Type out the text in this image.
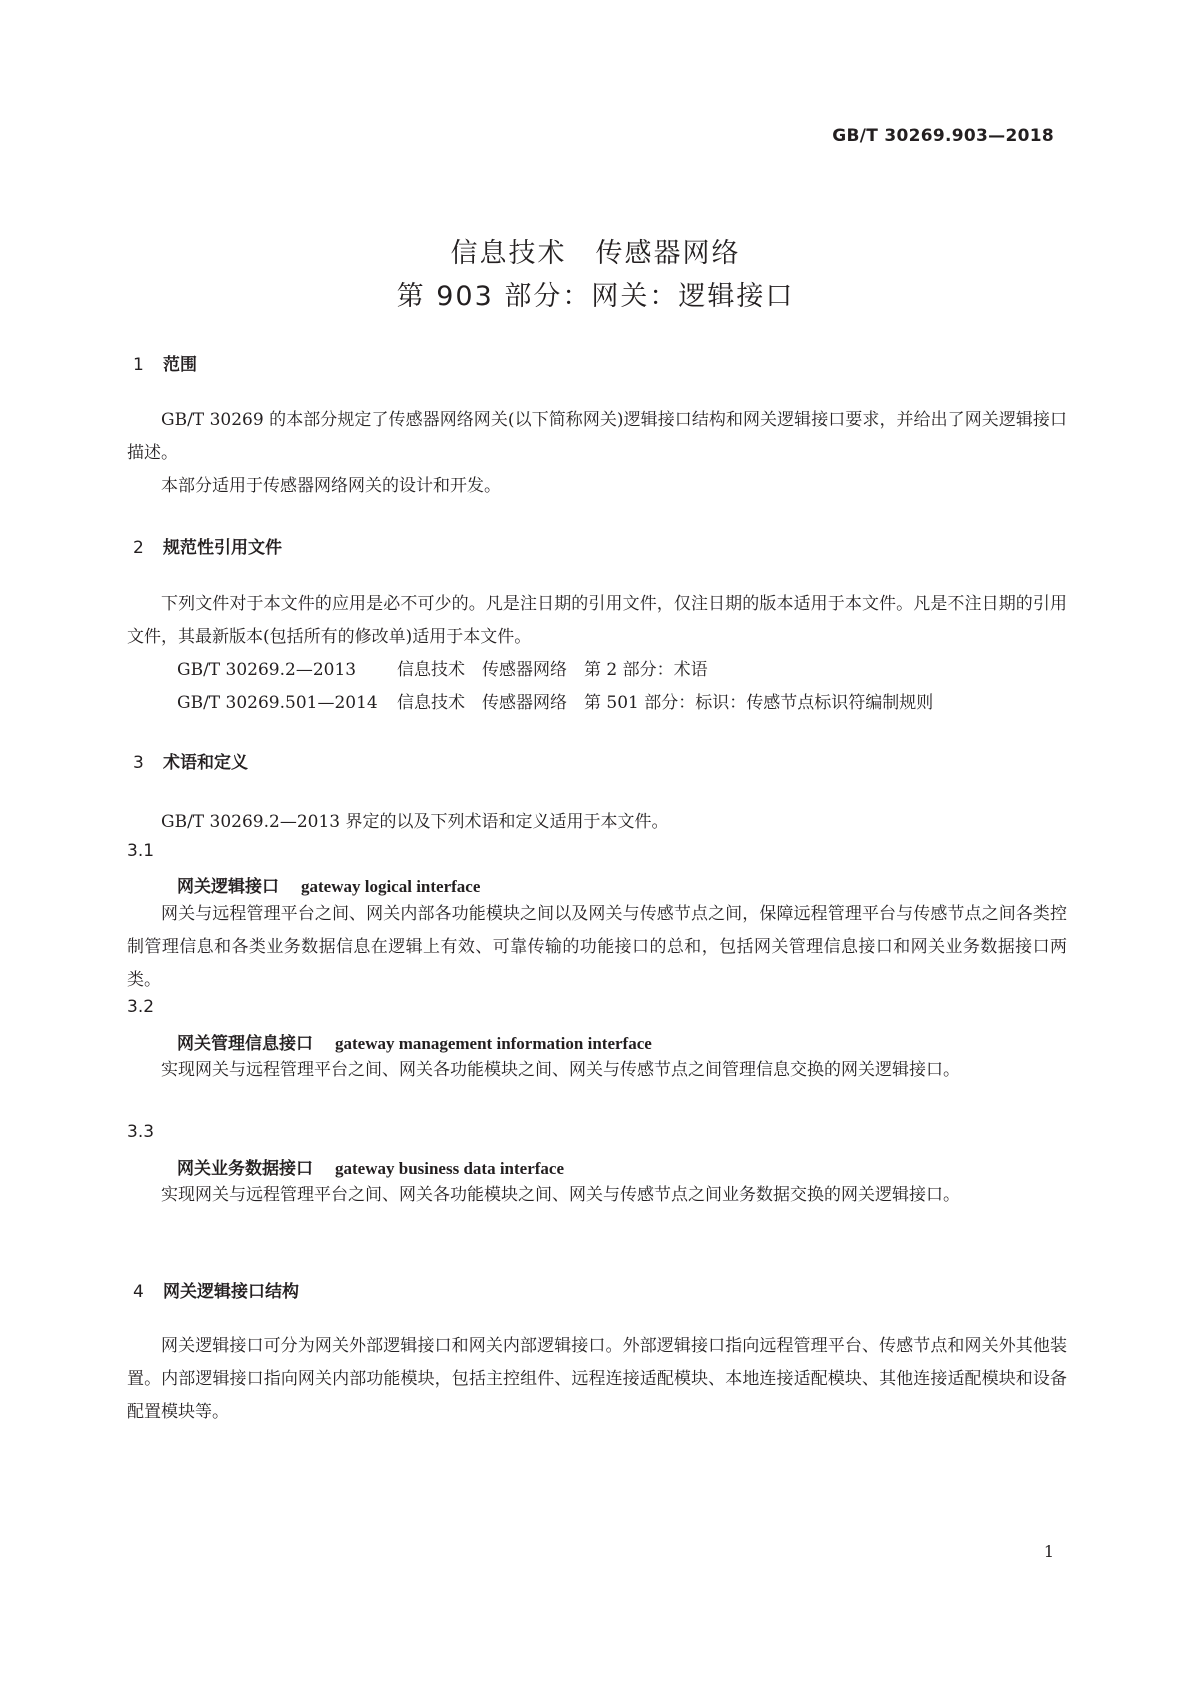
GB/T 30269.903—2018
信息技术　传感器网络
第 903 部分：网关：逻辑接口
1 范围
GB/T 30269 的本部分规定了传感器网络网关(以下简称网关)逻辑接口结构和网关逻辑接口要求，并给出了网关逻辑接口描述。
本部分适用于传感器网络网关的设计和开发。
2 规范性引用文件
下列文件对于本文件的应用是必不可少的。凡是注日期的引用文件，仅注日期的版本适用于本文件。凡是不注日期的引用文件，其最新版本(包括所有的修改单)适用于本文件。
GB/T 30269.2—2013 信息技术　传感器网络　第 2 部分：术语
GB/T 30269.501—2014 信息技术　传感器网络　第 501 部分：标识：传感节点标识符编制规则
3 术语和定义
GB/T 30269.2—2013 界定的以及下列术语和定义适用于本文件。
3.1
网关逻辑接口 gateway logical interface
网关与远程管理平台之间、网关内部各功能模块之间以及网关与传感节点之间，保障远程管理平台与传感节点之间各类控制管理信息和各类业务数据信息在逻辑上有效、可靠传输的功能接口的总和，包括网关管理信息接口和网关业务数据接口两类。
3.2
网关管理信息接口 gateway management information interface
实现网关与远程管理平台之间、网关各功能模块之间、网关与传感节点之间管理信息交换的网关逻辑接口。
3.3
网关业务数据接口 gateway business data interface
实现网关与远程管理平台之间、网关各功能模块之间、网关与传感节点之间业务数据交换的网关逻辑接口。
4 网关逻辑接口结构
网关逻辑接口可分为网关外部逻辑接口和网关内部逻辑接口。外部逻辑接口指向远程管理平台、传感节点和网关外其他装置。内部逻辑接口指向网关内部功能模块，包括主控组件、远程连接适配模块、本地连接适配模块、其他连接适配模块和设备配置模块等。
1
